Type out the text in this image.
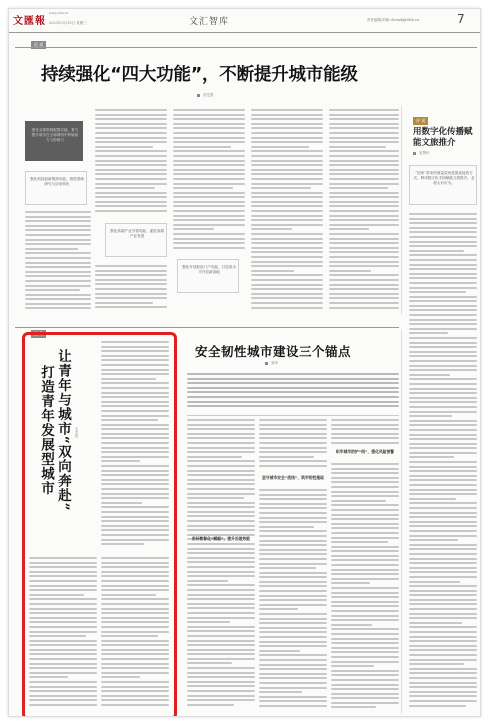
文匯報
www.whb.cn
2023年3月15日 星期三	文汇智库	责任编辑/刘海 chenzk@whb.cn	7
论 道
持续强化“四大功能”，不断提升城市能级
厉无畏
强化全球资源配置功能，着力提升城市在全球网络中的辐射力与影响力
强化科技创新策源功能，推进基础研究与应用转化
强化高端产业引领功能，促进高端产业发展
强化开放枢纽门户功能，打造高水平开放新高地
评 说
用数字化传播赋能文旅推介
吴贤兴
“回家”带来的流量变现是最直接的方式，利用数字化手段赋能文旅推介，必将大有可为。
论 策
让青年与城市“双向奔赴”
打造青年发展型城市	王大庆
安全韧性城市建设三个锚点
刘平
用好数智化“赋能”，提升治理效能
坚守城市安全“底线”，筑牢韧性基础
织牢城市防护“网”，强化风险预警
